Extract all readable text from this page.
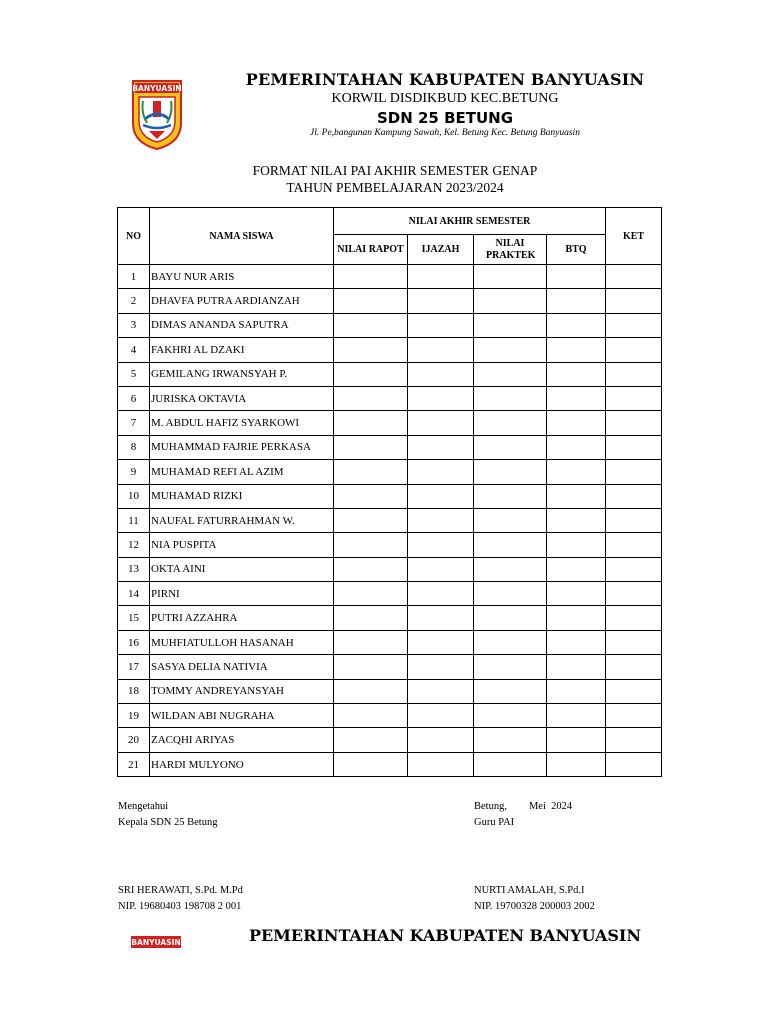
BANYUASIN	PEMERINTAHAN KABUPATEN BANYUASIN
KORWIL DISDIKBUD KEC.BETUNG
SDN 25 BETUNG
Jl. Pe,bangunan Kampung Sawah, Kel. Betung Kec. Betung Banyuasin
FORMAT NILAI PAI AKHIR SEMESTER GENAP
TAHUN PEMBELAJARAN 2023/2024
NO	NAMA SISWA	NILAI AKHIR SEMESTER				KET
		NILAI RAPOT	IJAZAH	NILAI PRAKTEK	BTQ	
1	BAYU NUR ARIS					
2	DHAVFA PUTRA ARDIANZAH					
3	DIMAS ANANDA SAPUTRA					
4	FAKHRI AL DZAKI					
5	GEMILANG IRWANSYAH P.					
6	JURISKA OKTAVIA					
7	M. ABDUL HAFIZ SYARKOWI					
8	MUHAMMAD FAJRIE PERKASA					
9	MUHAMAD REFI AL AZIM					
10	MUHAMAD RIZKI					
11	NAUFAL FATURRAHMAN W.					
12	NIA PUSPITA					
13	OKTA AINI					
14	PIRNI					
15	PUTRI AZZAHRA					
16	MUHFIATULLOH HASANAH					
17	SASYA DELIA NATIVIA					
18	TOMMY ANDREYANSYAH					
19	WILDAN ABI NUGRAHA					
20	ZACQHI ARIYAS					
21	HARDI MULYONO					
Mengetahui
Kepala SDN 25 Betung
Betung, Mei  2024
Guru PAI
SRI HERAWATI, S.Pd. M.Pd
NIP. 19680403 198708 2 001
NURTI AMALAH, S.Pd.I
NIP. 19700328 200003 2002
BANYUASIN	PEMERINTAHAN KABUPATEN BANYUASIN
